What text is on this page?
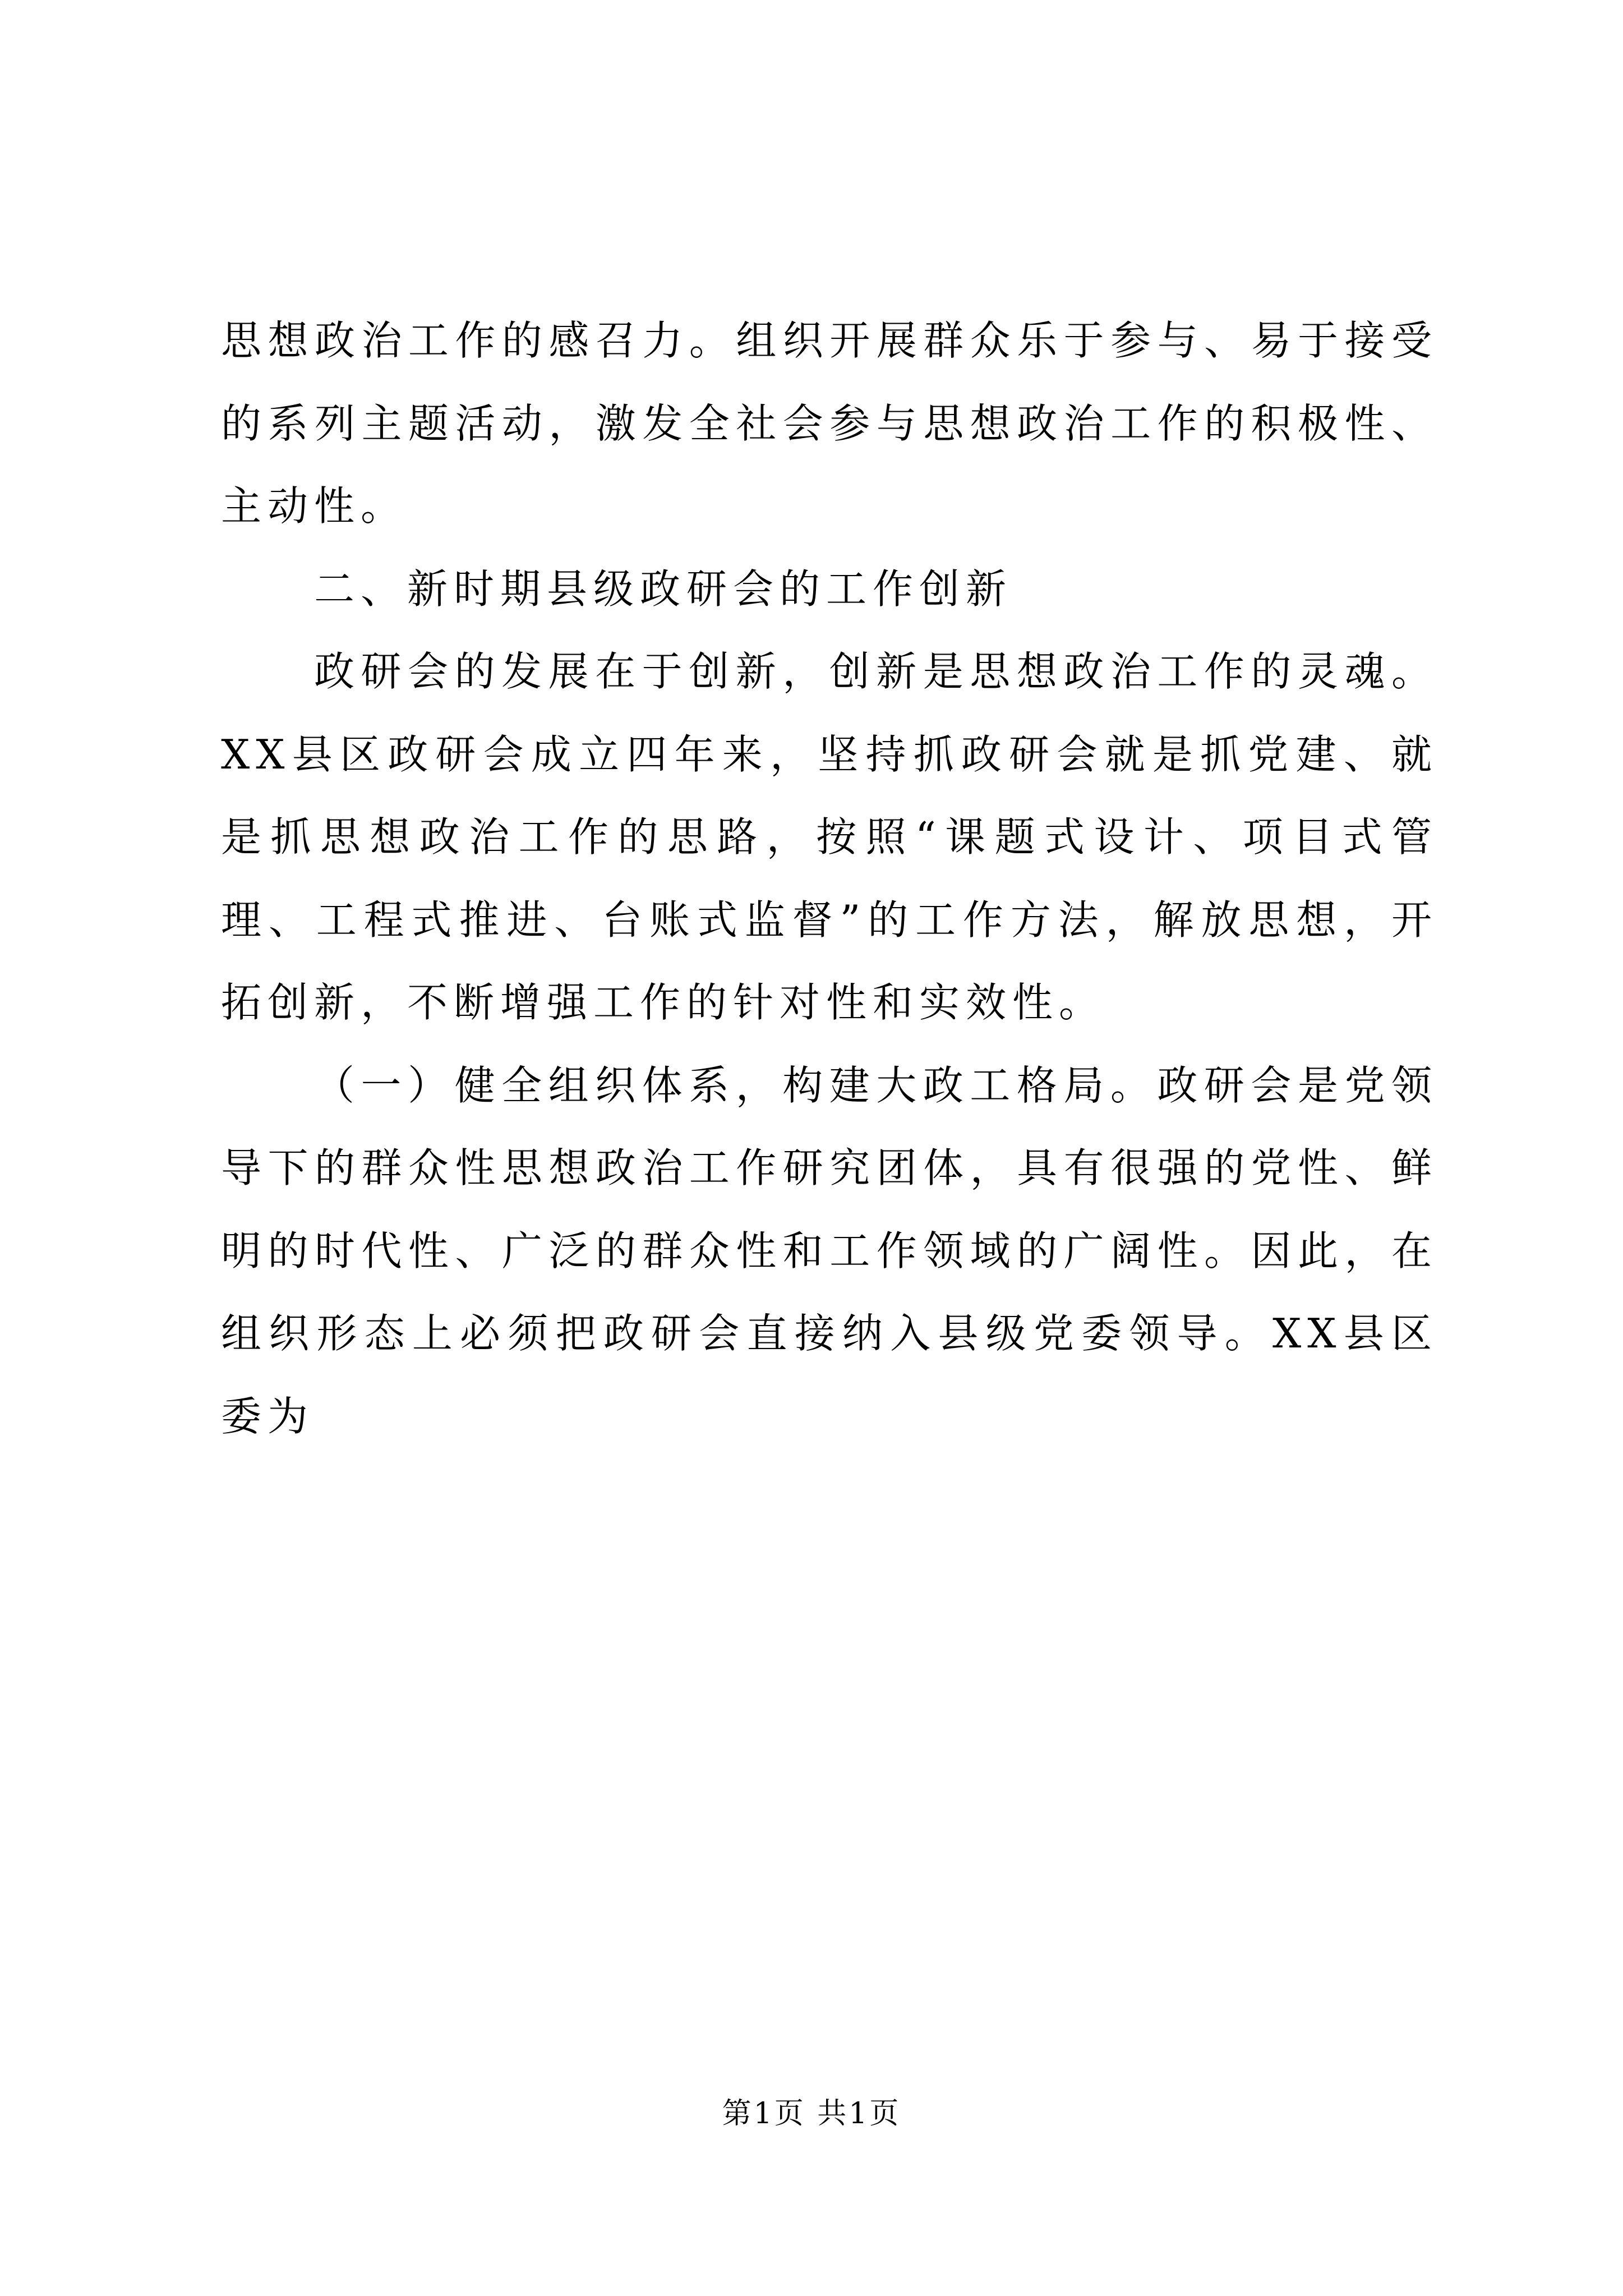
思想政治工作的感召力。组织开展群众乐于参与、易于接受的系列主题活动，激发全社会参与思想政治工作的积极性、主动性。

二、新时期县级政研会的工作创新

政研会的发展在于创新，创新是思想政治工作的灵魂。XX县区政研会成立四年来，坚持抓政研会就是抓党建、就是抓思想政治工作的思路，按照“课题式设计、项目式管理、工程式推进、台账式监督”的工作方法，解放思想，开拓创新，不断增强工作的针对性和实效性。

（一）健全组织体系，构建大政工格局。政研会是党领导下的群众性思想政治工作研究团体，具有很强的党性、鲜明的时代性、广泛的群众性和工作领域的广阔性。因此，在组织形态上必须把政研会直接纳入县级党委领导。XX县区委为

第1页 共1页
